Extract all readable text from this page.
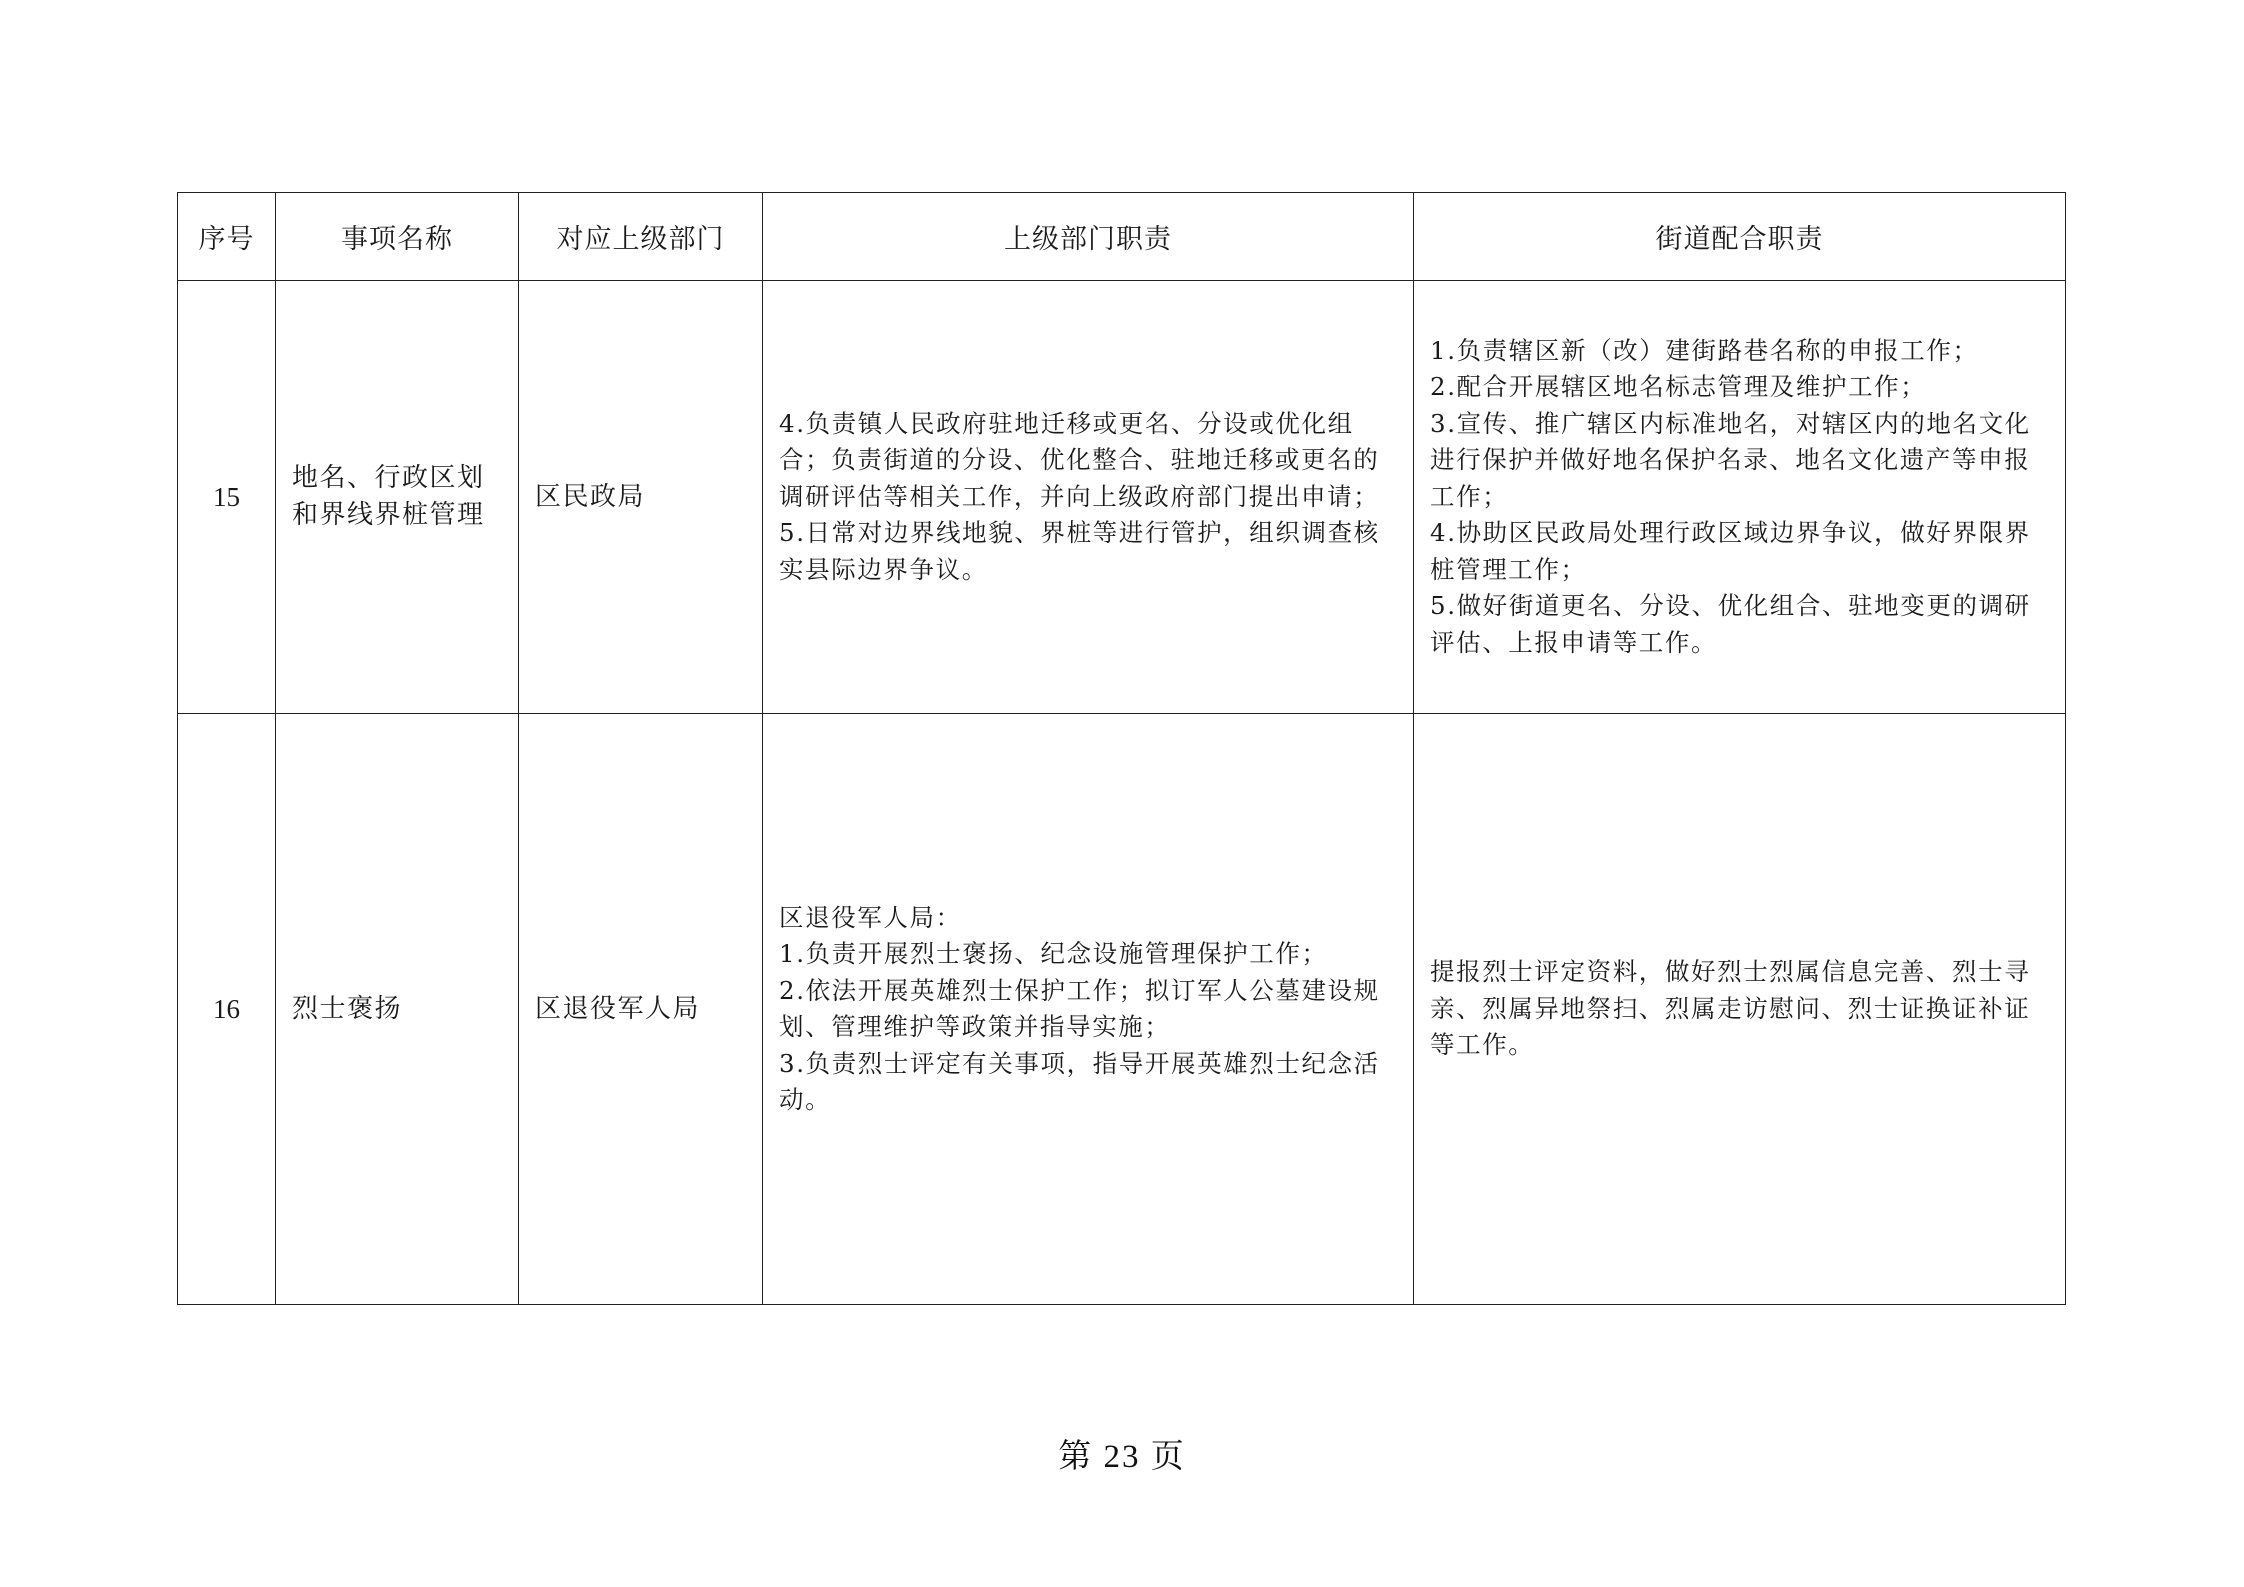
序号	事项名称	对应上级部门	上级部门职责	街道配合职责
15	地名、行政区划和界线界桩管理	区民政局	4.负责镇人民政府驻地迁移或更名、分设或优化组合；负责街道的分设、优化整合、驻地迁移或更名的调研评估等相关工作，并向上级政府部门提出申请；
5.日常对边界线地貌、界桩等进行管护，组织调查核实县际边界争议。	1.负责辖区新（改）建街路巷名称的申报工作；
2.配合开展辖区地名标志管理及维护工作；
3.宣传、推广辖区内标准地名，对辖区内的地名文化进行保护并做好地名保护名录、地名文化遗产等申报工作；
4.协助区民政局处理行政区域边界争议，做好界限界桩管理工作；
5.做好街道更名、分设、优化组合、驻地变更的调研评估、上报申请等工作。

16	烈士褒扬	区退役军人局	区退役军人局：
1.负责开展烈士褒扬、纪念设施管理保护工作；
2.依法开展英雄烈士保护工作；拟订军人公墓建设规划、管理维护等政策并指导实施；
3.负责烈士评定有关事项，指导开展英雄烈士纪念活动。	提报烈士评定资料，做好烈士烈属信息完善、烈士寻亲、烈属异地祭扫、烈属走访慰问、烈士证换证补证等工作。
第 23 页
